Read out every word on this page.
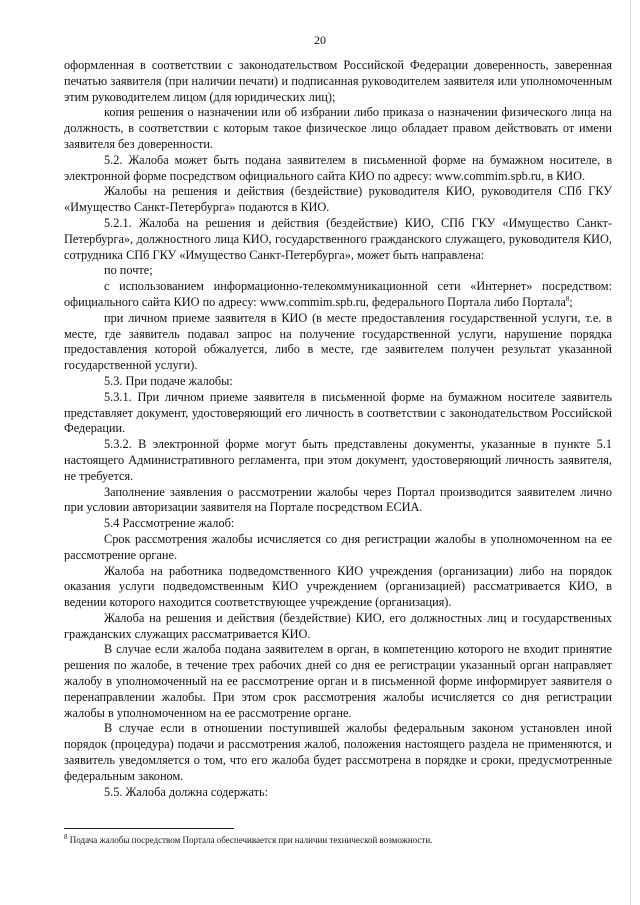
20

оформленная в соответствии с законодательством Российской Федерации доверенность, заверенная печатью заявителя (при наличии печати) и подписанная руководителем заявителя или уполномоченным этим руководителем лицом (для юридических лиц);

копия решения о назначении или об избрании либо приказа о назначении физического лица на должность, в соответствии с которым такое физическое лицо обладает правом действовать от имени заявителя без доверенности.

5.2. Жалоба может быть подана заявителем в письменной форме на бумажном носителе, в электронной форме посредством официального сайта КИО по адресу: www.commim.spb.ru, в КИО.

Жалобы на решения и действия (бездействие) руководителя КИО, руководителя СПб ГКУ «Имущество Санкт-Петербурга» подаются в КИО.

5.2.1. Жалоба на решения и действия (бездействие) КИО, СПб ГКУ «Имущество Санкт-Петербурга», должностного лица КИО, государственного гражданского служащего, руководителя КИО, сотрудника СПб ГКУ «Имущество Санкт-Петербурга», может быть направлена:

по почте;

с использованием информационно-телекоммуникационной сети «Интернет» посредством: официального сайта КИО по адресу: www.commim.spb.ru, федерального Портала либо Портала$^8$;

при личном приеме заявителя в КИО (в месте предоставления государственной услуги, т.е. в месте, где заявитель подавал запрос на получение государственной услуги, нарушение порядка предоставления которой обжалуется, либо в месте, где заявителем получен результат указанной государственной услуги).

5.3. При подаче жалобы:

5.3.1. При личном приеме заявителя в письменной форме на бумажном носителе заявитель представляет документ, удостоверяющий его личность в соответствии с законодательством Российской Федерации.

5.3.2. В электронной форме могут быть представлены документы, указанные в пункте 5.1 настоящего Административного регламента, при этом документ, удостоверяющий личность заявителя, не требуется.

Заполнение заявления о рассмотрении жалобы через Портал производится заявителем лично при условии авторизации заявителя на Портале посредством ЕСИА.

5.4 Рассмотрение жалоб:

Срок рассмотрения жалобы исчисляется со дня регистрации жалобы в уполномоченном на ее рассмотрение органе.

Жалоба на работника подведомственного КИО учреждения (организации) либо на порядок оказания услуги подведомственным КИО учреждением (организацией) рассматривается КИО, в ведении которого находится соответствующее учреждение (организация).

Жалоба на решения и действия (бездействие) КИО, его должностных лиц и государственных гражданских служащих рассматривается КИО.

В случае если жалоба подана заявителем в орган, в компетенцию которого не входит принятие решения по жалобе, в течение трех рабочих дней со дня ее регистрации указанный орган направляет жалобу в уполномоченный на ее рассмотрение орган и в письменной форме информирует заявителя о перенаправлении жалобы. При этом срок рассмотрения жалобы исчисляется со дня регистрации жалобы в уполномоченном на ее рассмотрение органе.

В случае если в отношении поступившей жалобы федеральным законом установлен иной порядок (процедура) подачи и рассмотрения жалоб, положения настоящего раздела не применяются, и заявитель уведомляется о том, что его жалоба будет рассмотрена в порядке и сроки, предусмотренные федеральным законом.

5.5. Жалоба должна содержать:

$^8$ Подача жалобы посредством Портала обеспечивается при наличии технической возможности.
